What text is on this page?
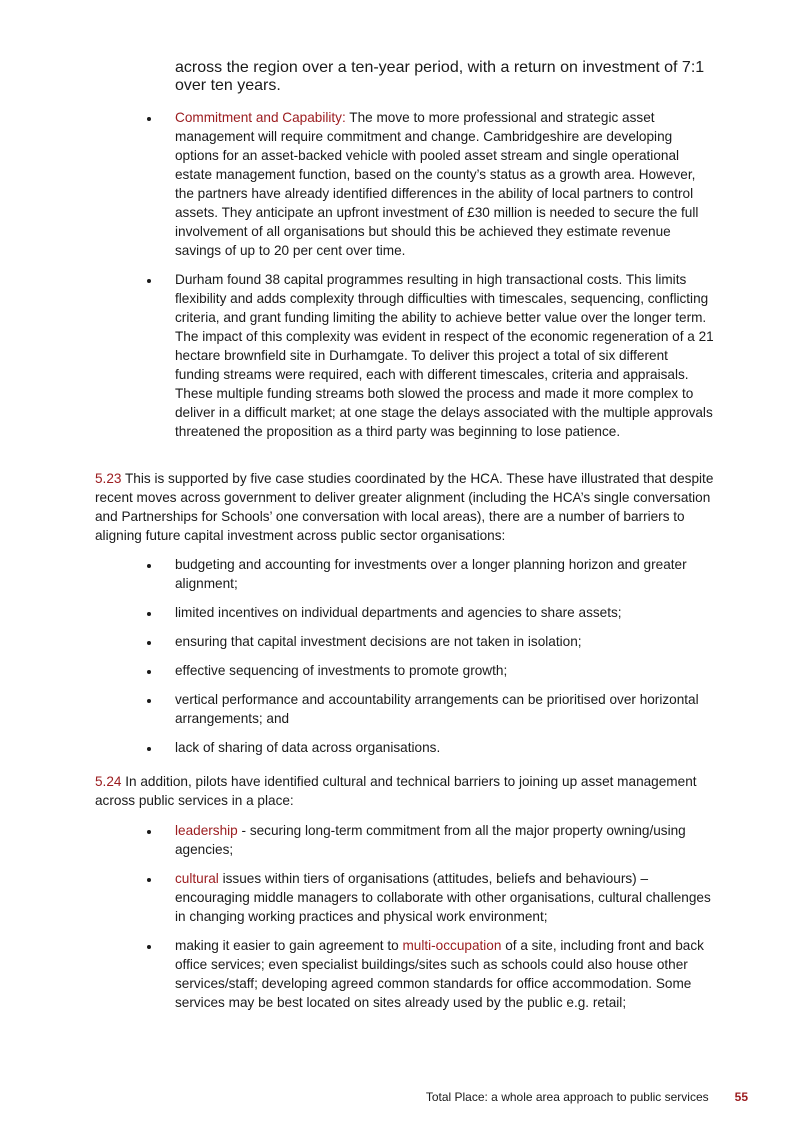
across the region over a ten-year period, with a return on investment of 7:1 over ten years.

Commitment and Capability: The move to more professional and strategic asset management will require commitment and change. Cambridgeshire are developing options for an asset-backed vehicle with pooled asset stream and single operational estate management function, based on the county’s status as a growth area. However, the partners have already identified differences in the ability of local partners to control assets. They anticipate an upfront investment of £30 million is needed to secure the full involvement of all organisations but should this be achieved they estimate revenue savings of up to 20 per cent over time.
Durham found 38 capital programmes resulting in high transactional costs. This limits flexibility and adds complexity through difficulties with timescales, sequencing, conflicting criteria, and grant funding limiting the ability to achieve better value over the longer term. The impact of this complexity was evident in respect of the economic regeneration of a 21 hectare brownfield site in Durhamgate. To deliver this project a total of six different funding streams were required, each with different timescales, criteria and appraisals. These multiple funding streams both slowed the process and made it more complex to deliver in a difficult market; at one stage the delays associated with the multiple approvals threatened the proposition as a third party was beginning to lose patience.

5.23 This is supported by five case studies coordinated by the HCA. These have illustrated that despite recent moves across government to deliver greater alignment (including the HCA’s single conversation and Partnerships for Schools’ one conversation with local areas), there are a number of barriers to aligning future capital investment across public sector organisations:

budgeting and accounting for investments over a longer planning horizon and greater alignment;
limited incentives on individual departments and agencies to share assets;
ensuring that capital investment decisions are not taken in isolation;
effective sequencing of investments to promote growth;
vertical performance and accountability arrangements can be prioritised over horizontal arrangements; and
lack of sharing of data across organisations.

5.24 In addition, pilots have identified cultural and technical barriers to joining up asset management across public services in a place:

leadership - securing long-term commitment from all the major property owning/using agencies;
cultural issues within tiers of organisations (attitudes, beliefs and behaviours) – encouraging middle managers to collaborate with other organisations, cultural challenges in changing working practices and physical work environment;
making it easier to gain agreement to multi-occupation of a site, including front and back office services; even specialist buildings/sites such as schools could also house other services/staff; developing agreed common standards for office accommodation. Some services may be best located on sites already used by the public e.g. retail;
Total Place: a whole area approach to public services 55
